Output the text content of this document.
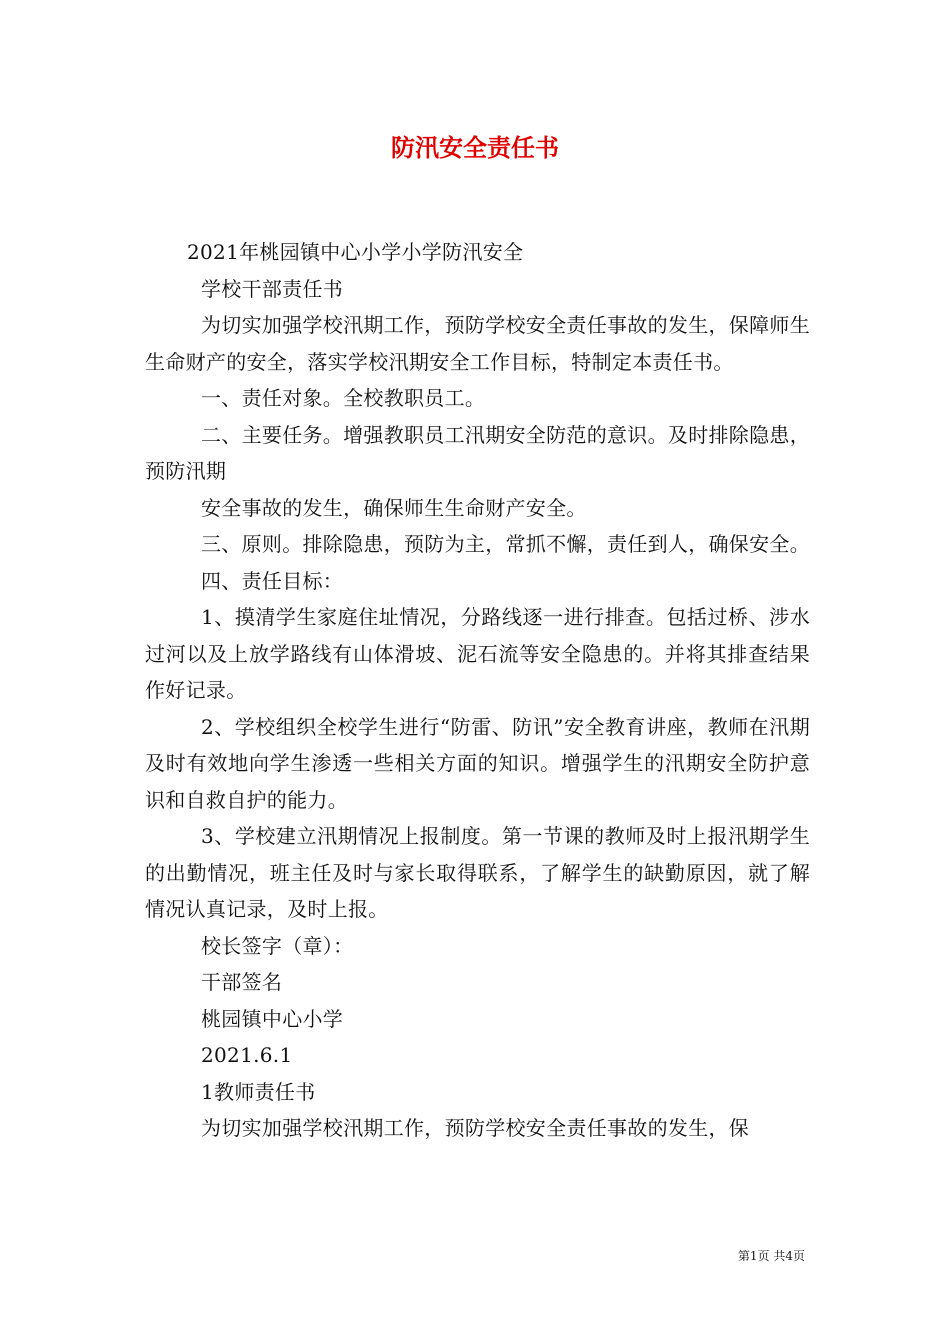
防汛安全责任书

2021年桃园镇中心小学小学防汛安全

学校干部责任书

为切实加强学校汛期工作，预防学校安全责任事故的发生，保障师生生命财产的安全，落实学校汛期安全工作目标，特制定本责任书。

一、责任对象。全校教职员工。

二、主要任务。增强教职员工汛期安全防范的意识。及时排除隐患，预防汛期

安全事故的发生，确保师生生命财产安全。

三、原则。排除隐患，预防为主，常抓不懈，责任到人，确保安全。

四、责任目标：

1、摸清学生家庭住址情况，分路线逐一进行排查。包括过桥、涉水过河以及上放学路线有山体滑坡、泥石流等安全隐患的。并将其排查结果作好记录。

2、学校组织全校学生进行“防雷、防讯”安全教育讲座，教师在汛期及时有效地向学生渗透一些相关方面的知识。增强学生的汛期安全防护意识和自救自护的能力。

3、学校建立汛期情况上报制度。第一节课的教师及时上报汛期学生的出勤情况，班主任及时与家长取得联系，了解学生的缺勤原因，就了解情况认真记录，及时上报。

校长签字（章）：

干部签名

桃园镇中心小学

2021.6.1

1教师责任书

为切实加强学校汛期工作，预防学校安全责任事故的发生，保

第1页 共4页
